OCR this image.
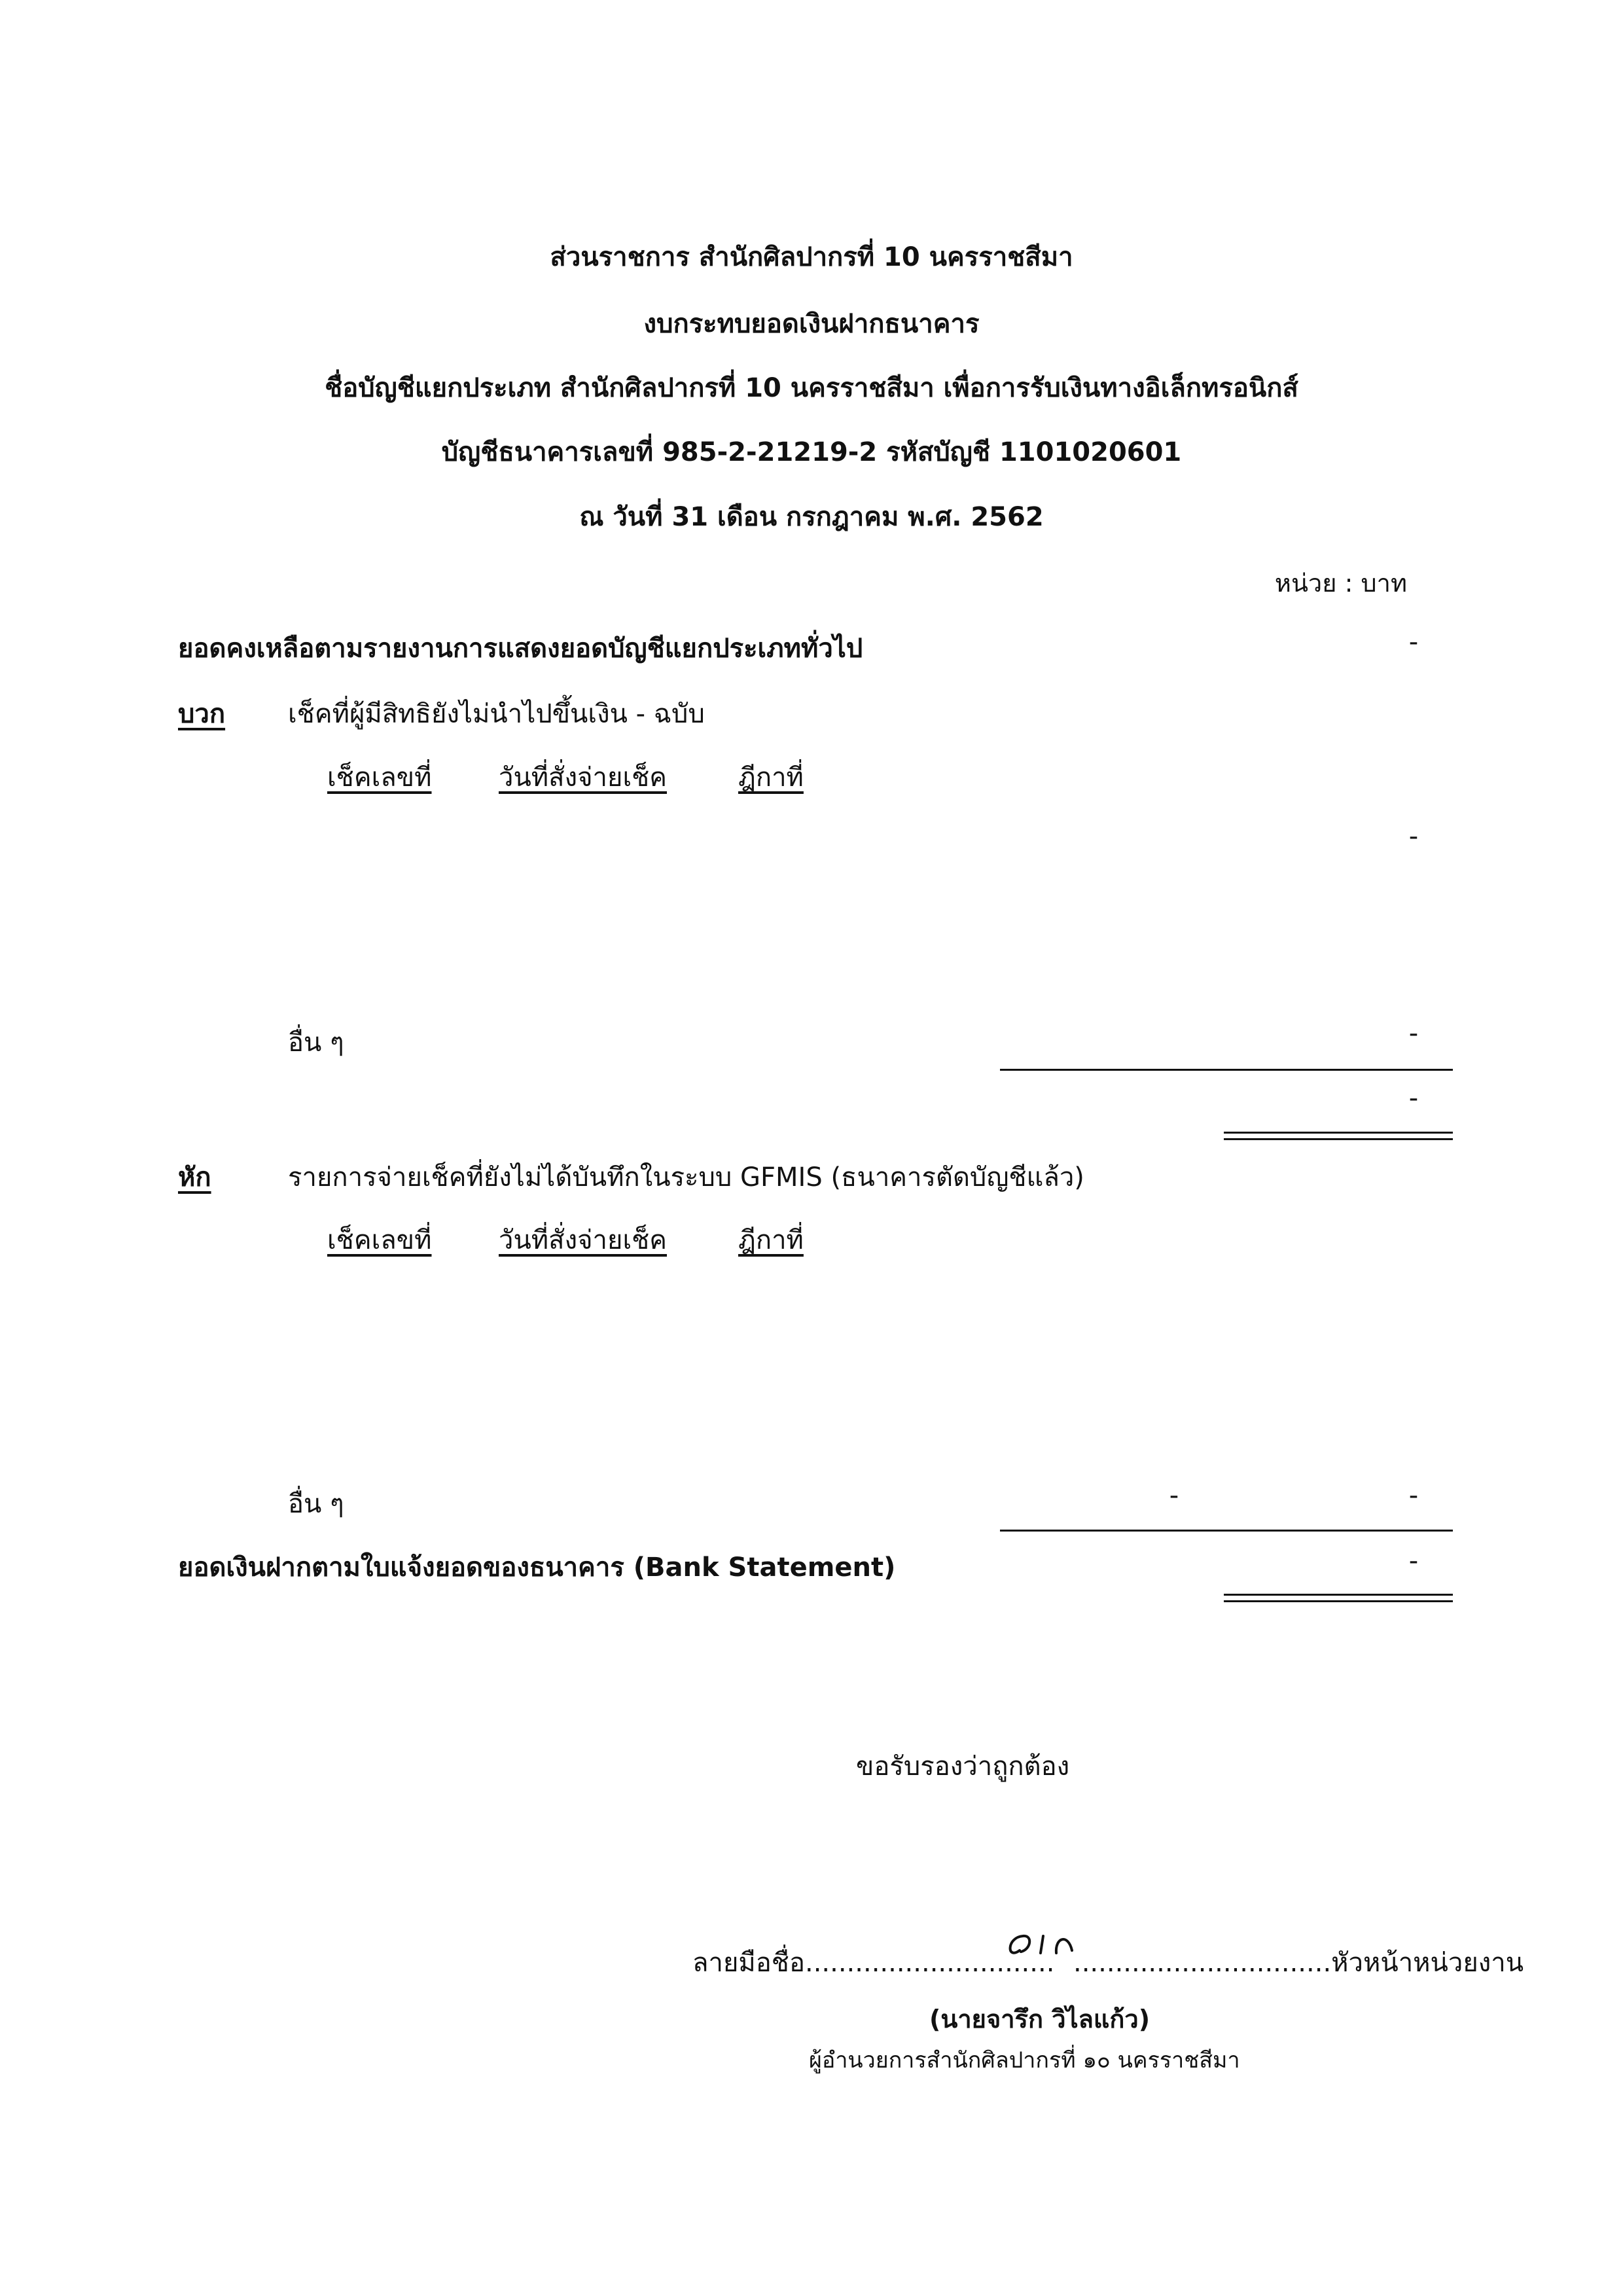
ส่วนราชการ สำนักศิลปากรที่ 10 นครราชสีมา
งบกระทบยอดเงินฝากธนาคาร
ชื่อบัญชีแยกประเภท สำนักศิลปากรที่ 10 นครราชสีมา เพื่อการรับเงินทางอิเล็กทรอนิกส์
บัญชีธนาคารเลขที่ 985-2-21219-2 รหัสบัญชี 1101020601
ณ วันที่ 31 เดือน กรกฎาคม พ.ศ. 2562
หน่วย : บาท
ยอดคงเหลือตามรายงานการแสดงยอดบัญชีแยกประเภททั่วไป	-
บวก เช็คที่ผู้มีสิทธิยังไม่นำไปขึ้นเงิน - ฉบับ
เช็คเลขที่	วันที่สั่งจ่ายเช็ค	ฎีกาที่
-
อื่น ๆ	-
-
หัก	รายการจ่ายเช็คที่ยังไม่ได้บันทึกในระบบ GFMIS (ธนาคารตัดบัญชีแล้ว)
เช็คเลขที่	วันที่สั่งจ่ายเช็ค	ฎีกาที่
อื่น ๆ	-	-
ยอดเงินฝากตามใบแจ้งยอดของธนาคาร (Bank Statement)	-
ขอรับรองว่าถูกต้อง
ลายมือชื่อ.............................. ...............................หัวหน้าหน่วยงาน
(นายจารึก วิไลแก้ว)
ผู้อำนวยการสำนักศิลปากรที่ ๑๐ นครราชสีมา
